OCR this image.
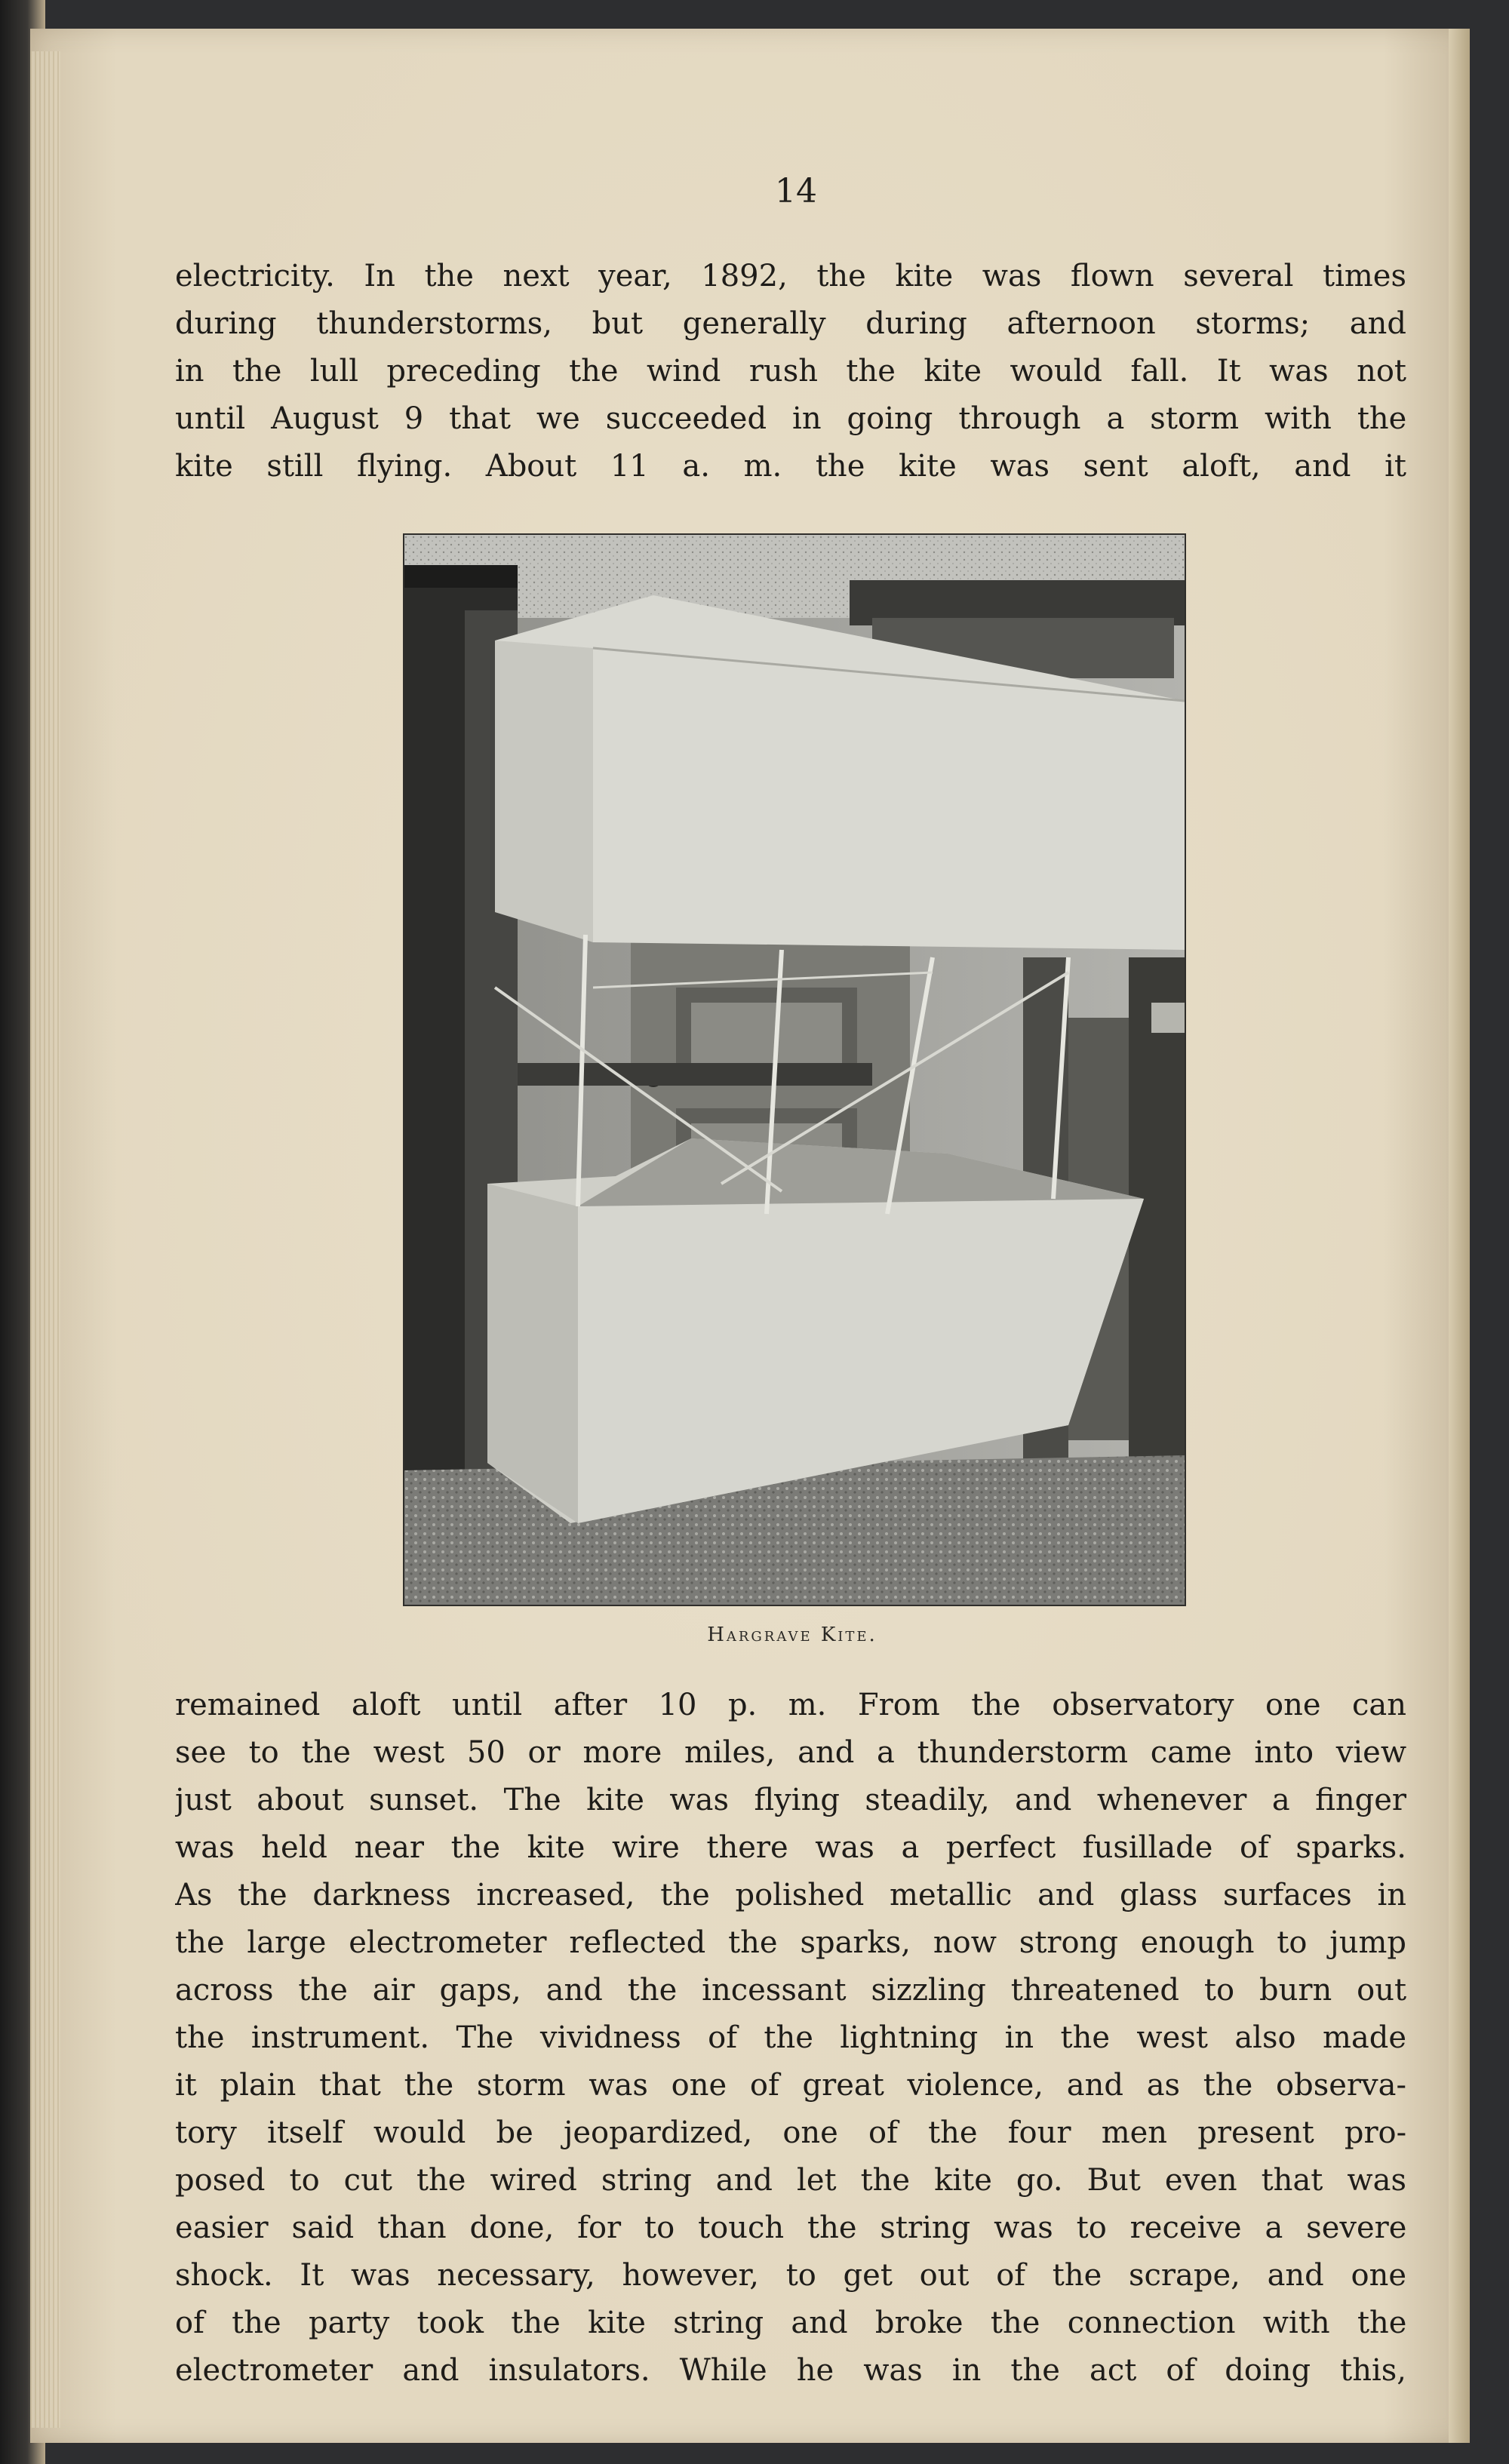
14
electricity. In the next year, 1892, the kite was flown several times
during thunderstorms, but generally during afternoon storms; and
in the lull preceding the wind rush the kite would fall. It was not
until August 9 that we succeeded in going through a storm with the
kite still flying. About 11 a. m. the kite was sent aloft, and it
Hargrave Kite.
remained aloft until after 10 p. m. From the observatory one can
see to the west 50 or more miles, and a thunderstorm came into view
just about sunset. The kite was flying steadily, and whenever a finger
was held near the kite wire there was a perfect fusillade of sparks.
As the darkness increased, the polished metallic and glass surfaces in
the large electrometer reflected the sparks, now strong enough to jump
across the air gaps, and the incessant sizzling threatened to burn out
the instrument. The vividness of the lightning in the west also made
it plain that the storm was one of great violence, and as the observa-
tory itself would be jeopardized, one of the four men present pro-
posed to cut the wired string and let the kite go. But even that was
easier said than done, for to touch the string was to receive a severe
shock. It was necessary, however, to get out of the scrape, and one
of the party took the kite string and broke the connection with the
electrometer and insulators. While he was in the act of doing this,
